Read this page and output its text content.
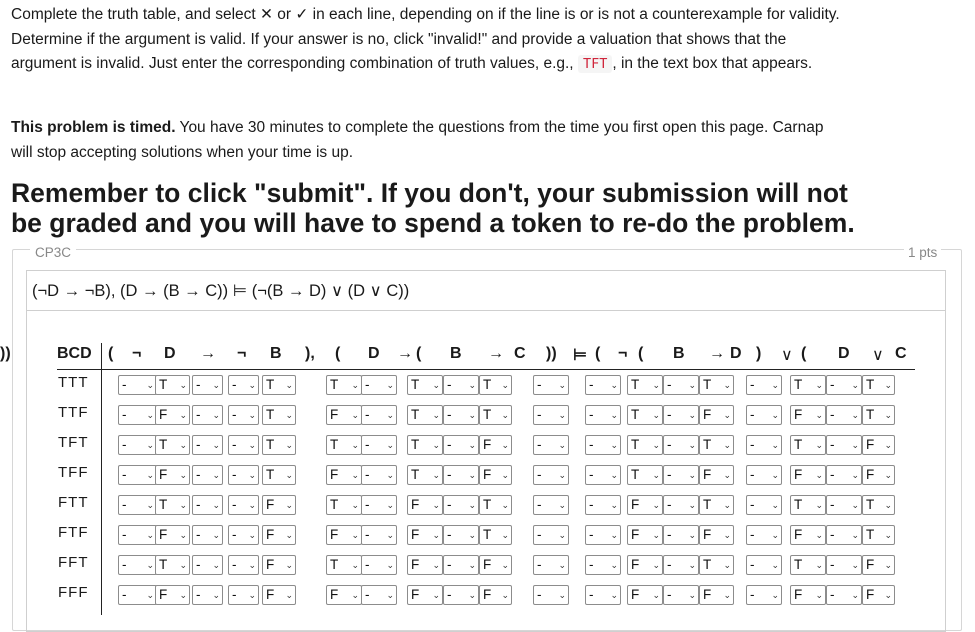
Complete the truth table, and select ✕ or ✓ in each line, depending on if the line is or is not a counterexample for validity. Determine if the argument is valid. If your answer is no, click "invalid!" and provide a valuation that shows that the argument is invalid. Just enter the corresponding combination of truth values, e.g., TFT , in the text box that appears.
This problem is timed. You have 30 minutes to complete the questions from the time you first open this page. Carnap will stop accepting solutions when your time is up.
Remember to click "submit". If you don't, your submission will not be graded and you will have to spend a token to re-do the problem.
CP3C	1 pts
(¬D → ¬B), (D → (B → C)) ⊨ (¬(B → D) ∨ (D ∨ C))
BCD ( ¬ D → ¬ B ), ( D → ( B → C )) ⊨ ( ¬ ( B → D ) ∨ ( D ∨ C
))
TTT - ⌄ T ⌄ - ⌄ - ⌄ T ⌄	T ⌄ - ⌄ T ⌄ - ⌄ T ⌄ - ⌄ - ⌄ T ⌄ - ⌄ T ⌄ - ⌄ T ⌄ - ⌄ T ⌄
TTF - ⌄ F ⌄ - ⌄ - ⌄ T ⌄	F ⌄ - ⌄ T ⌄ - ⌄ T ⌄ - ⌄ - ⌄ T ⌄ - ⌄ F ⌄ - ⌄ F ⌄ - ⌄ T ⌄
TFT - ⌄ T ⌄ - ⌄ - ⌄ T ⌄	T ⌄ - ⌄ T ⌄ - ⌄ F ⌄ - ⌄ - ⌄ T ⌄ - ⌄ T ⌄ - ⌄ T ⌄ - ⌄ F ⌄
TFF - ⌄ F ⌄ - ⌄ - ⌄ T ⌄	F ⌄ - ⌄ T ⌄ - ⌄ F ⌄ - ⌄ - ⌄ T ⌄ - ⌄ F ⌄ - ⌄ F ⌄ - ⌄ F ⌄
FTT - ⌄ T ⌄ - ⌄ - ⌄ F ⌄	T ⌄ - ⌄ F ⌄ - ⌄ T ⌄ - ⌄ - ⌄ F ⌄ - ⌄ T ⌄ - ⌄ T ⌄ - ⌄ T ⌄
FTF - ⌄ F ⌄ - ⌄ - ⌄ F ⌄	F ⌄ - ⌄ F ⌄ - ⌄ T ⌄ - ⌄ - ⌄ F ⌄ - ⌄ F ⌄ - ⌄ F ⌄ - ⌄ T ⌄
FFT - ⌄ T ⌄ - ⌄ - ⌄ F ⌄	T ⌄ - ⌄ F ⌄ - ⌄ F ⌄ - ⌄ - ⌄ F ⌄ - ⌄ T ⌄ - ⌄ T ⌄ - ⌄ F ⌄
FFF - ⌄ F ⌄ - ⌄ - ⌄ F ⌄	F ⌄ - ⌄ F ⌄ - ⌄ F ⌄ - ⌄ - ⌄ F ⌄ - ⌄ F ⌄ - ⌄ F ⌄ - ⌄ F ⌄
